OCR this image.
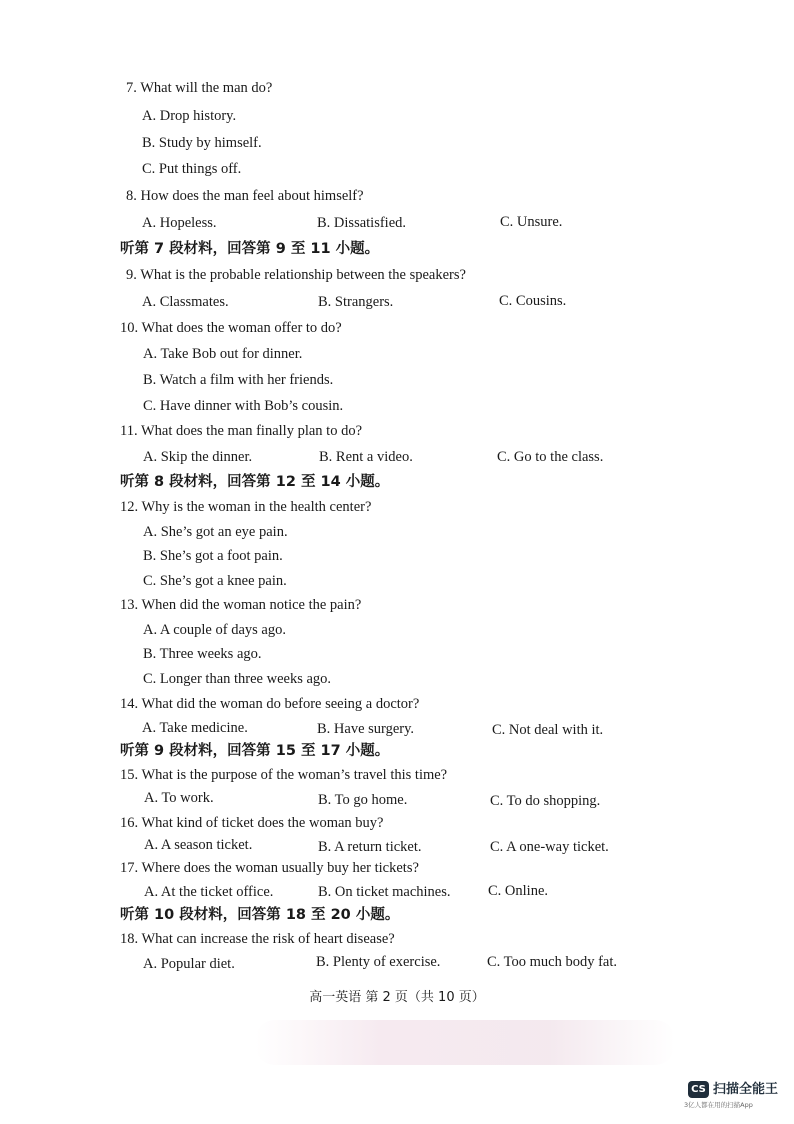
7. What will the man do?
A. Drop history.
B. Study by himself.
C. Put things off.
8. How does the man feel about himself?
A. Hopeless.	B. Dissatisfied.	C. Unsure.
听第 7 段材料，回答第 9 至 11 小题。
9. What is the probable relationship between the speakers?
A. Classmates.	B. Strangers.	C. Cousins.
10. What does the woman offer to do?
A. Take Bob out for dinner.
B. Watch a film with her friends.
C. Have dinner with Bob’s cousin.
11. What does the man finally plan to do?
A. Skip the dinner.	B. Rent a video.	C. Go to the class.
听第 8 段材料，回答第 12 至 14 小题。
12. Why is the woman in the health center?
A. She’s got an eye pain.
B. She’s got a foot pain.
C. She’s got a knee pain.
13. When did the woman notice the pain?
A. A couple of days ago.
B. Three weeks ago.
C. Longer than three weeks ago.
14. What did the woman do before seeing a doctor?
A. Take medicine.	B. Have surgery.	C. Not deal with it.
听第 9 段材料，回答第 15 至 17 小题。
15. What is the purpose of the woman’s travel this time?
A. To work.	B. To go home.	C. To do shopping.
16. What kind of ticket does the woman buy?
A. A season ticket.	B. A return ticket.	C. A one-way ticket.
17. Where does the woman usually buy her tickets?
A. At the ticket office.	B. On ticket machines.	C. Online.
听第 10 段材料，回答第 18 至 20 小题。
18. What can increase the risk of heart disease?
A. Popular diet.	B. Plenty of exercise.	C. Too much body fat.
高一英语 第 2 页（共 10 页）
CS 扫描全能王
3亿人都在用的扫描App
